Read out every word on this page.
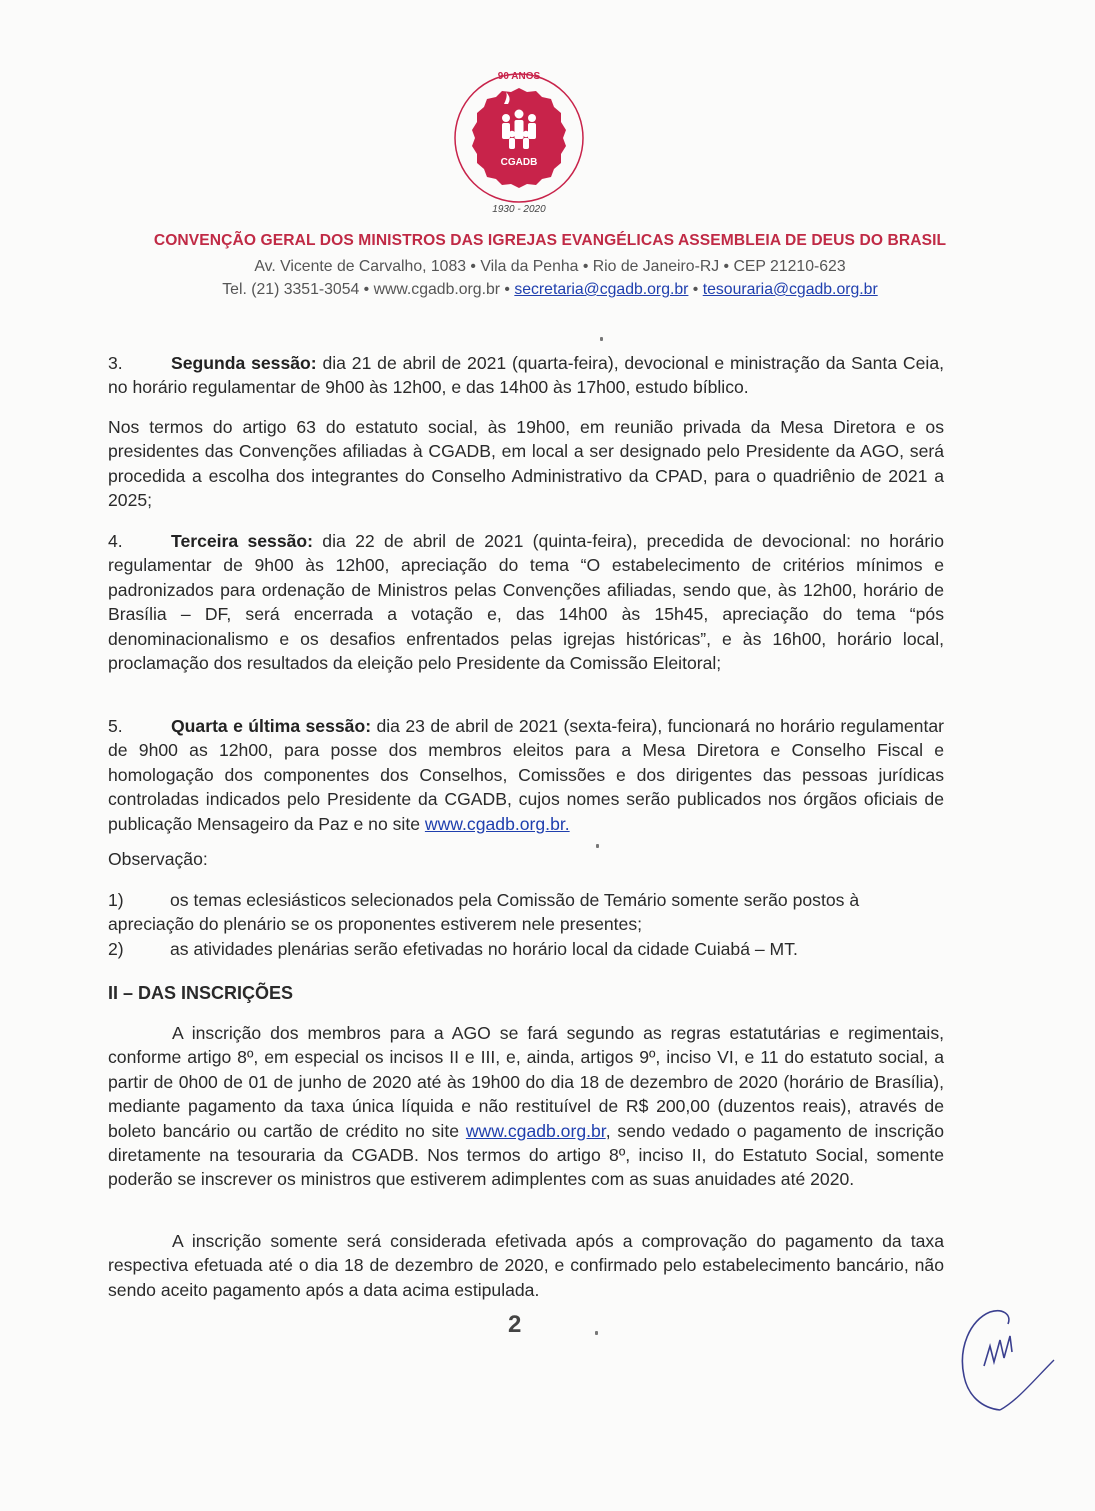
CGADB
90 ANOS
1930 - 2020
CONVENÇÃO GERAL DOS MINISTROS DAS IGREJAS EVANGÉLICAS ASSEMBLEIA DE DEUS DO BRASIL
Av. Vicente de Carvalho, 1083 • Vila da Penha • Rio de Janeiro-RJ • CEP 21210-623
Tel. (21) 3351-3054 • www.cgadb.org.br • secretaria@cgadb.org.br • tesouraria@cgadb.org.br

3.	Segunda sessão: dia 21 de abril de 2021 (quarta-feira), devocional e ministração da Santa Ceia, no horário regulamentar de 9h00 às 12h00, e das 14h00 às 17h00, estudo bíblico.

Nos termos do artigo 63 do estatuto social, às 19h00, em reunião privada da Mesa Diretora e os presidentes das Convenções afiliadas à CGADB, em local a ser designado pelo Presidente da AGO, será procedida a escolha dos integrantes do Conselho Administrativo da CPAD, para o quadriênio de 2021 a 2025;

4.	Terceira sessão: dia 22 de abril de 2021 (quinta-feira), precedida de devocional: no horário regulamentar de 9h00 às 12h00, apreciação do tema “O estabelecimento de critérios mínimos e padronizados para ordenação de Ministros pelas Convenções afiliadas, sendo que, às 12h00, horário de Brasília – DF, será encerrada a votação e, das 14h00 às 15h45, apreciação do tema “pós denominacionalismo e os desafios enfrentados pelas igrejas históricas”, e às 16h00, horário local, proclamação dos resultados da eleição pelo Presidente da Comissão Eleitoral;

5.	Quarta e última sessão: dia 23 de abril de 2021 (sexta-feira), funcionará no horário regulamentar de 9h00 as 12h00, para posse dos membros eleitos para a Mesa Diretora e Conselho Fiscal e homologação dos componentes dos Conselhos, Comissões e dos dirigentes das pessoas jurídicas controladas indicados pelo Presidente da CGADB, cujos nomes serão publicados nos órgãos oficiais de publicação Mensageiro da Paz e no site www.cgadb.org.br.

Observação:

1)	os temas eclesiásticos selecionados pela Comissão de Temário somente serão postos à apreciação do plenário se os proponentes estiverem nele presentes;

2)	as atividades plenárias serão efetivadas no horário local da cidade Cuiabá – MT.

II – DAS INSCRIÇÕES

A inscrição dos membros para a AGO se fará segundo as regras estatutárias e regimentais, conforme artigo 8º, em especial os incisos II e III, e, ainda, artigos 9º, inciso VI, e 11 do estatuto social, a partir de 0h00 de 01 de junho de 2020 até às 19h00 do dia 18 de dezembro de 2020 (horário de Brasília), mediante pagamento da taxa única líquida e não restituível de R$ 200,00 (duzentos reais), através de boleto bancário ou cartão de crédito no site www.cgadb.org.br, sendo vedado o pagamento de inscrição diretamente na tesouraria da CGADB. Nos termos do artigo 8º, inciso II, do Estatuto Social, somente poderão se inscrever os ministros que estiverem adimplentes com as suas anuidades até 2020.

A inscrição somente será considerada efetivada após a comprovação do pagamento da taxa respectiva efetuada até o dia 18 de dezembro de 2020, e confirmado pelo estabelecimento bancário, não sendo aceito pagamento após a data acima estipulada.

2
